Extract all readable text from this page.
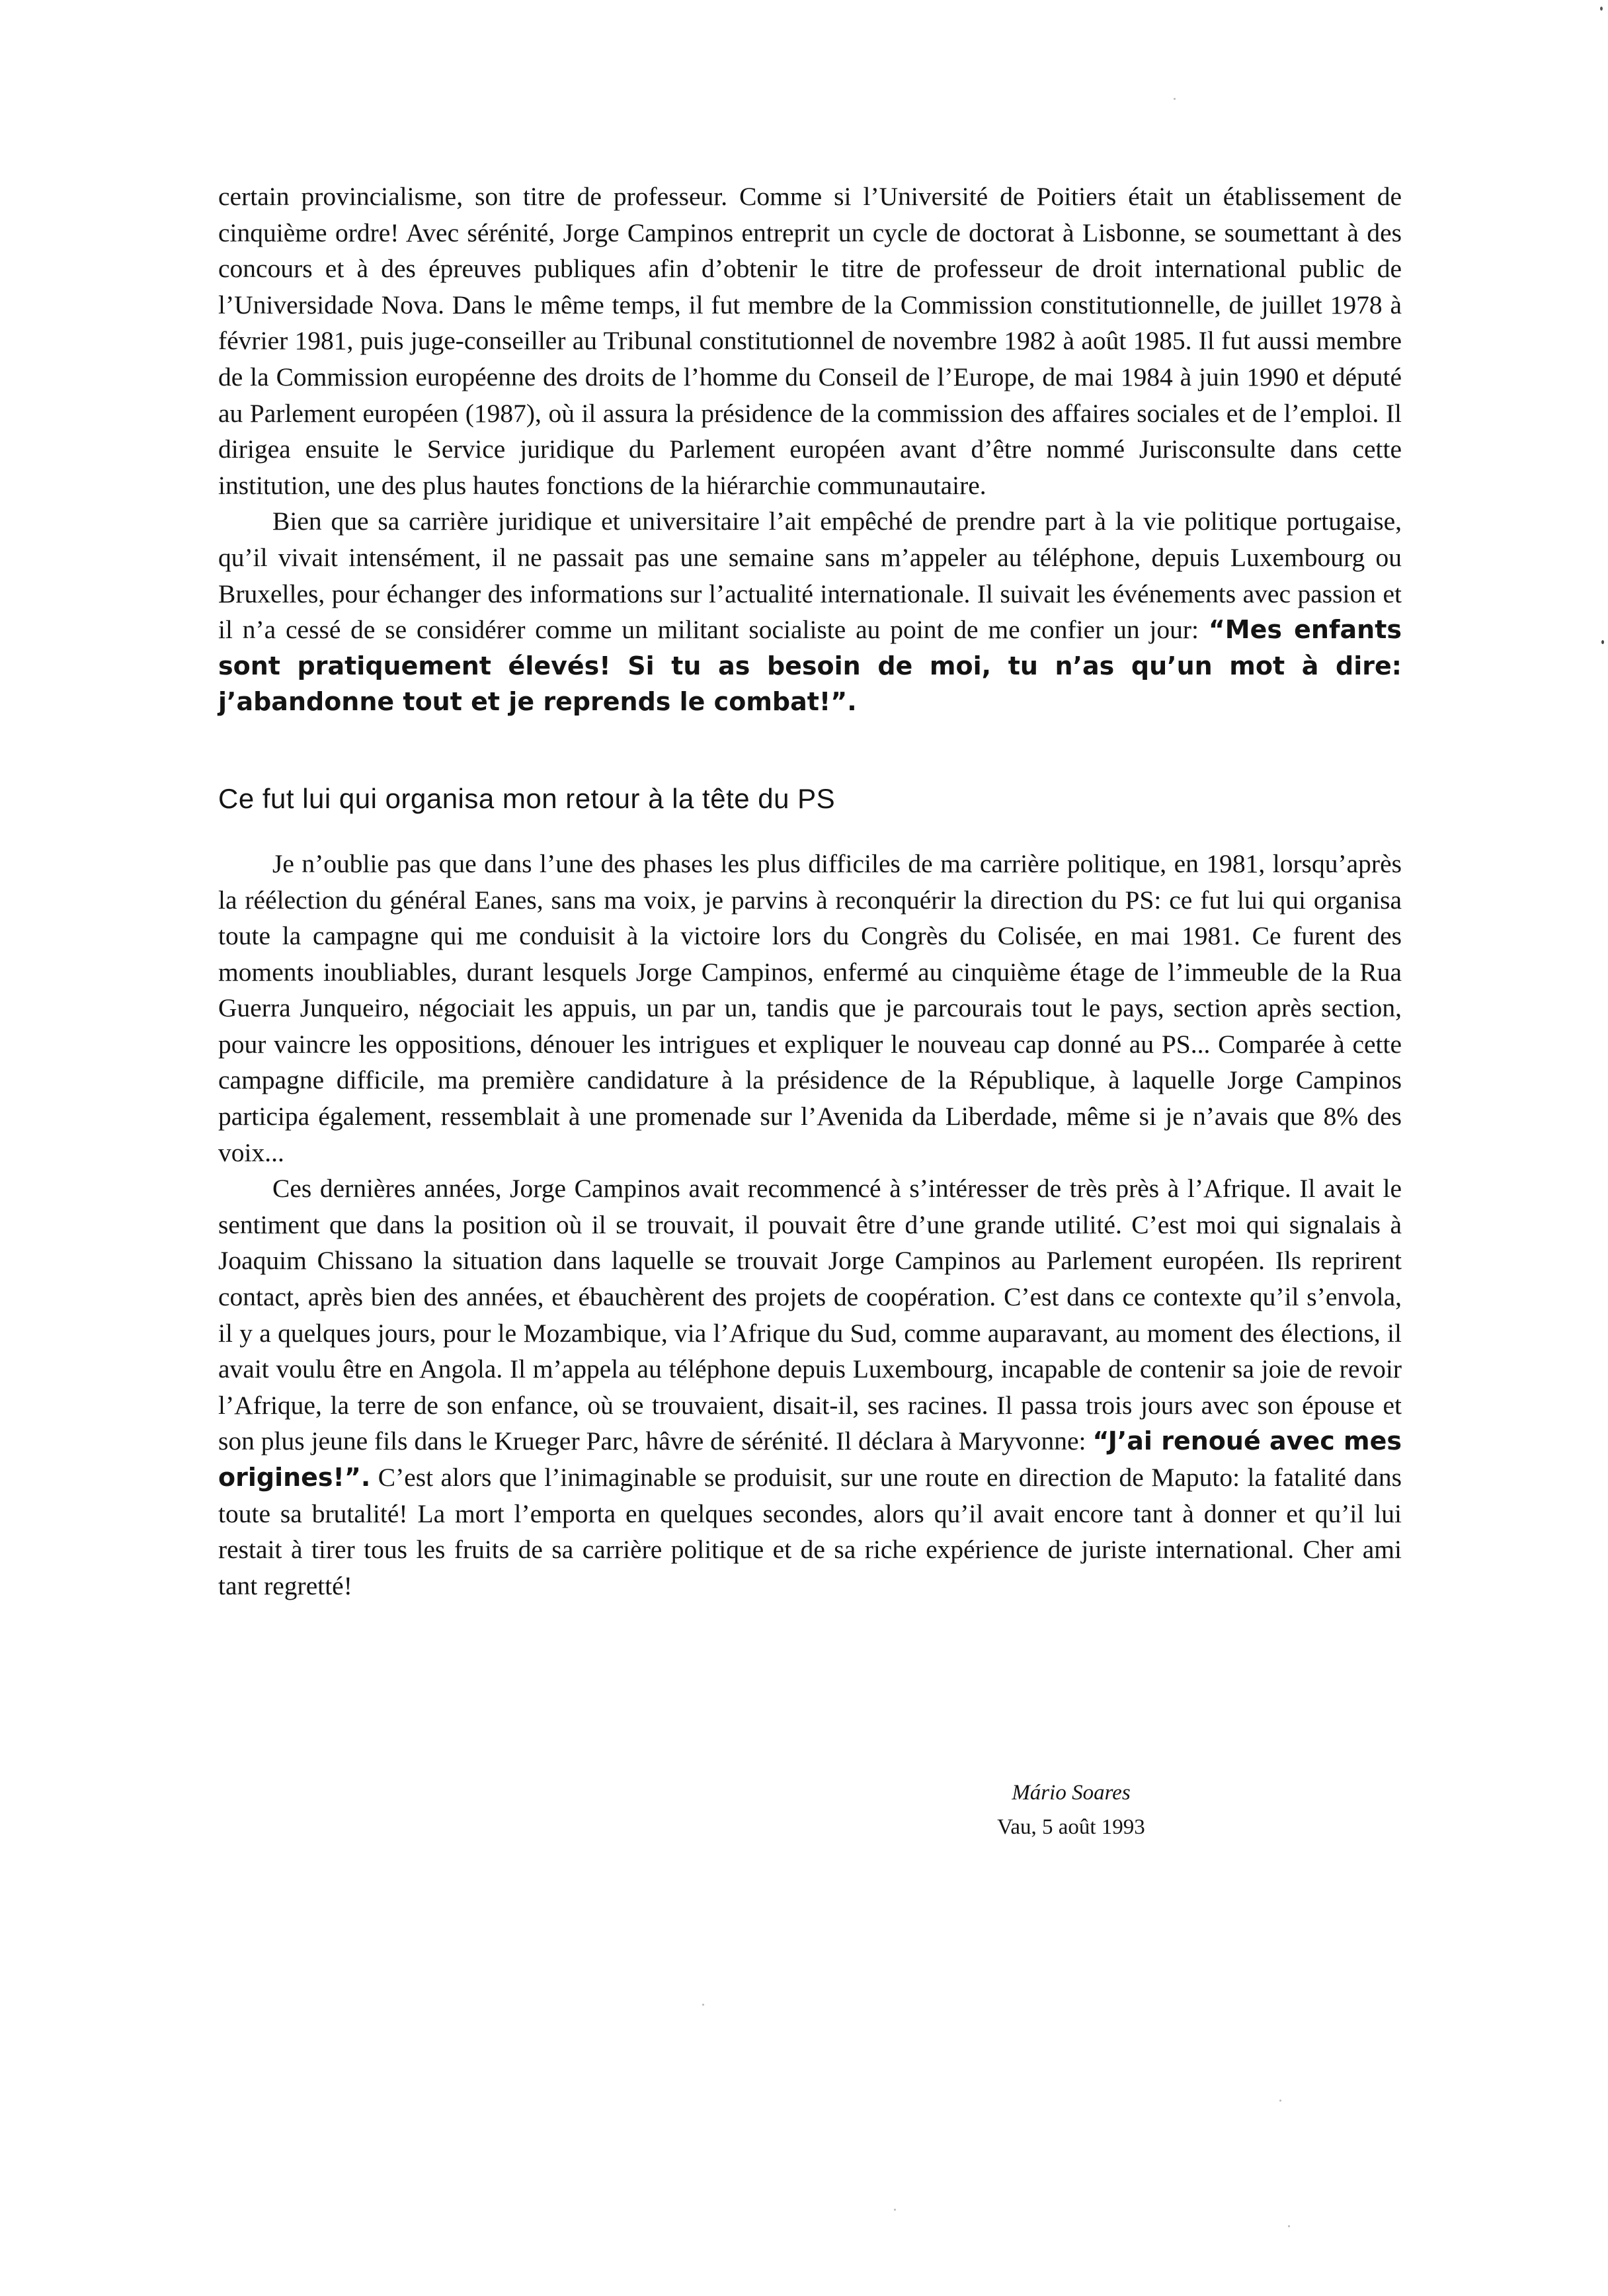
certain provincialisme, son titre de professeur. Comme si l’Université de Poitiers était un établissement de cinquième ordre! Avec sérénité, Jorge Campinos entreprit un cycle de doctorat à Lisbonne, se soumettant à des concours et à des épreuves publiques afin d’obtenir le titre de professeur de droit international public de l’Universidade Nova. Dans le même temps, il fut membre de la Commission constitutionnelle, de juillet 1978 à février 1981, puis juge-conseiller au Tribunal constitutionnel de novembre 1982 à août 1985. Il fut aussi membre de la Commission européenne des droits de l’homme du Conseil de l’Europe, de mai 1984 à juin 1990 et député au Parlement européen (1987), où il assura la présidence de la commission des affaires sociales et de l’emploi. Il dirigea ensuite le Service juridique du Parlement européen avant d’être nommé Jurisconsulte dans cette institution, une des plus hautes fonctions de la hiérarchie communautaire.

Bien que sa carrière juridique et universitaire l’ait empêché de prendre part à la vie politique portugaise, qu’il vivait intensément, il ne passait pas une semaine sans m’appeler au téléphone, depuis Luxembourg ou Bruxelles, pour échanger des informations sur l’actualité internationale. Il suivait les événements avec passion et il n’a cessé de se considérer comme un militant socialiste au point de me confier un jour: “Mes enfants sont pratiquement élevés! Si tu as besoin de moi, tu n’as qu’un mot à dire: j’abandonne tout et je reprends le combat!”.

Ce fut lui qui organisa mon retour à la tête du PS

Je n’oublie pas que dans l’une des phases les plus difficiles de ma carrière politique, en 1981, lorsqu’après la réélection du général Eanes, sans ma voix, je parvins à reconquérir la direction du PS: ce fut lui qui organisa toute la campagne qui me conduisit à la victoire lors du Congrès du Colisée, en mai 1981. Ce furent des moments inoubliables, durant lesquels Jorge Campinos, enfermé au cinquième étage de l’immeuble de la Rua Guerra Junqueiro, négociait les appuis, un par un, tandis que je parcourais tout le pays, section après section, pour vaincre les oppositions, dénouer les intrigues et expliquer le nouveau cap donné au PS... Comparée à cette campagne difficile, ma première candidature à la présidence de la République, à laquelle Jorge Campinos participa également, ressemblait à une promenade sur l’Avenida da Liberdade, même si je n’avais que 8% des voix...

Ces dernières années, Jorge Campinos avait recommencé à s’intéresser de très près à l’Afrique. Il avait le sentiment que dans la position où il se trouvait, il pouvait être d’une grande utilité. C’est moi qui signalais à Joaquim Chissano la situation dans laquelle se trouvait Jorge Campinos au Parlement européen. Ils reprirent contact, après bien des années, et ébauchèrent des projets de coopération. C’est dans ce contexte qu’il s’envola, il y a quelques jours, pour le Mozambique, via l’Afrique du Sud, comme auparavant, au moment des élections, il avait voulu être en Angola. Il m’appela au téléphone depuis Luxembourg, incapable de contenir sa joie de revoir l’Afrique, la terre de son enfance, où se trouvaient, disait-il, ses racines. Il passa trois jours avec son épouse et son plus jeune fils dans le Krueger Parc, hâvre de sérénité. Il déclara à Maryvonne: “J’ai renoué avec mes origines!”. C’est alors que l’inimaginable se produisit, sur une route en direction de Maputo: la fatalité dans toute sa brutalité! La mort l’emporta en quelques secondes, alors qu’il avait encore tant à donner et qu’il lui restait à tirer tous les fruits de sa carrière politique et de sa riche expérience de juriste international. Cher ami tant regretté!

Mário Soares
Vau, 5 août 1993
